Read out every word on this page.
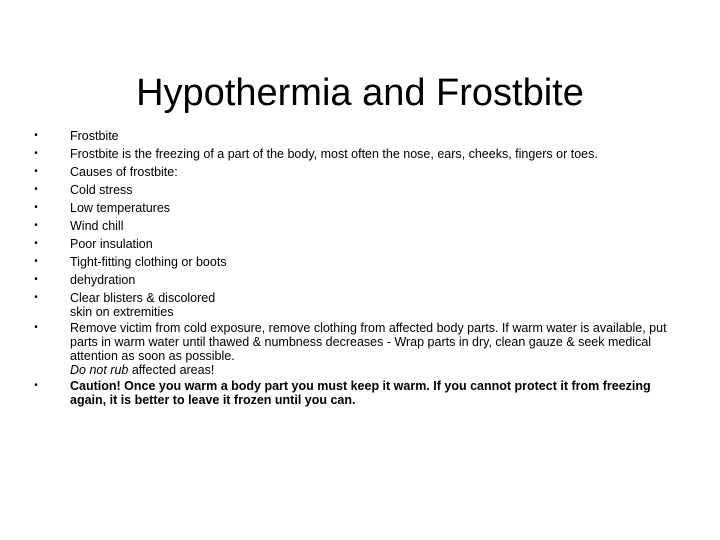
Hypothermia and Frostbite
•	Frostbite
•	Frostbite is the freezing of a part of the body, most often the nose, ears, cheeks, fingers or toes.
•	Causes of frostbite:
•	Cold stress
•	Low temperatures
•	Wind chill
•	Poor insulation
•	Tight-fitting clothing or boots
•	dehydration
•	Clear blisters & discolored
skin on extremities
•	Remove victim from cold exposure, remove clothing from affected body parts. If warm water is available, put parts in warm water until thawed & numbness decreases - Wrap parts in dry, clean gauze & seek medical attention as soon as possible.
Do not rub affected areas!
•	Caution! Once you warm a body part you must keep it warm. If you cannot protect it from freezing again, it is better to leave it frozen until you can.
